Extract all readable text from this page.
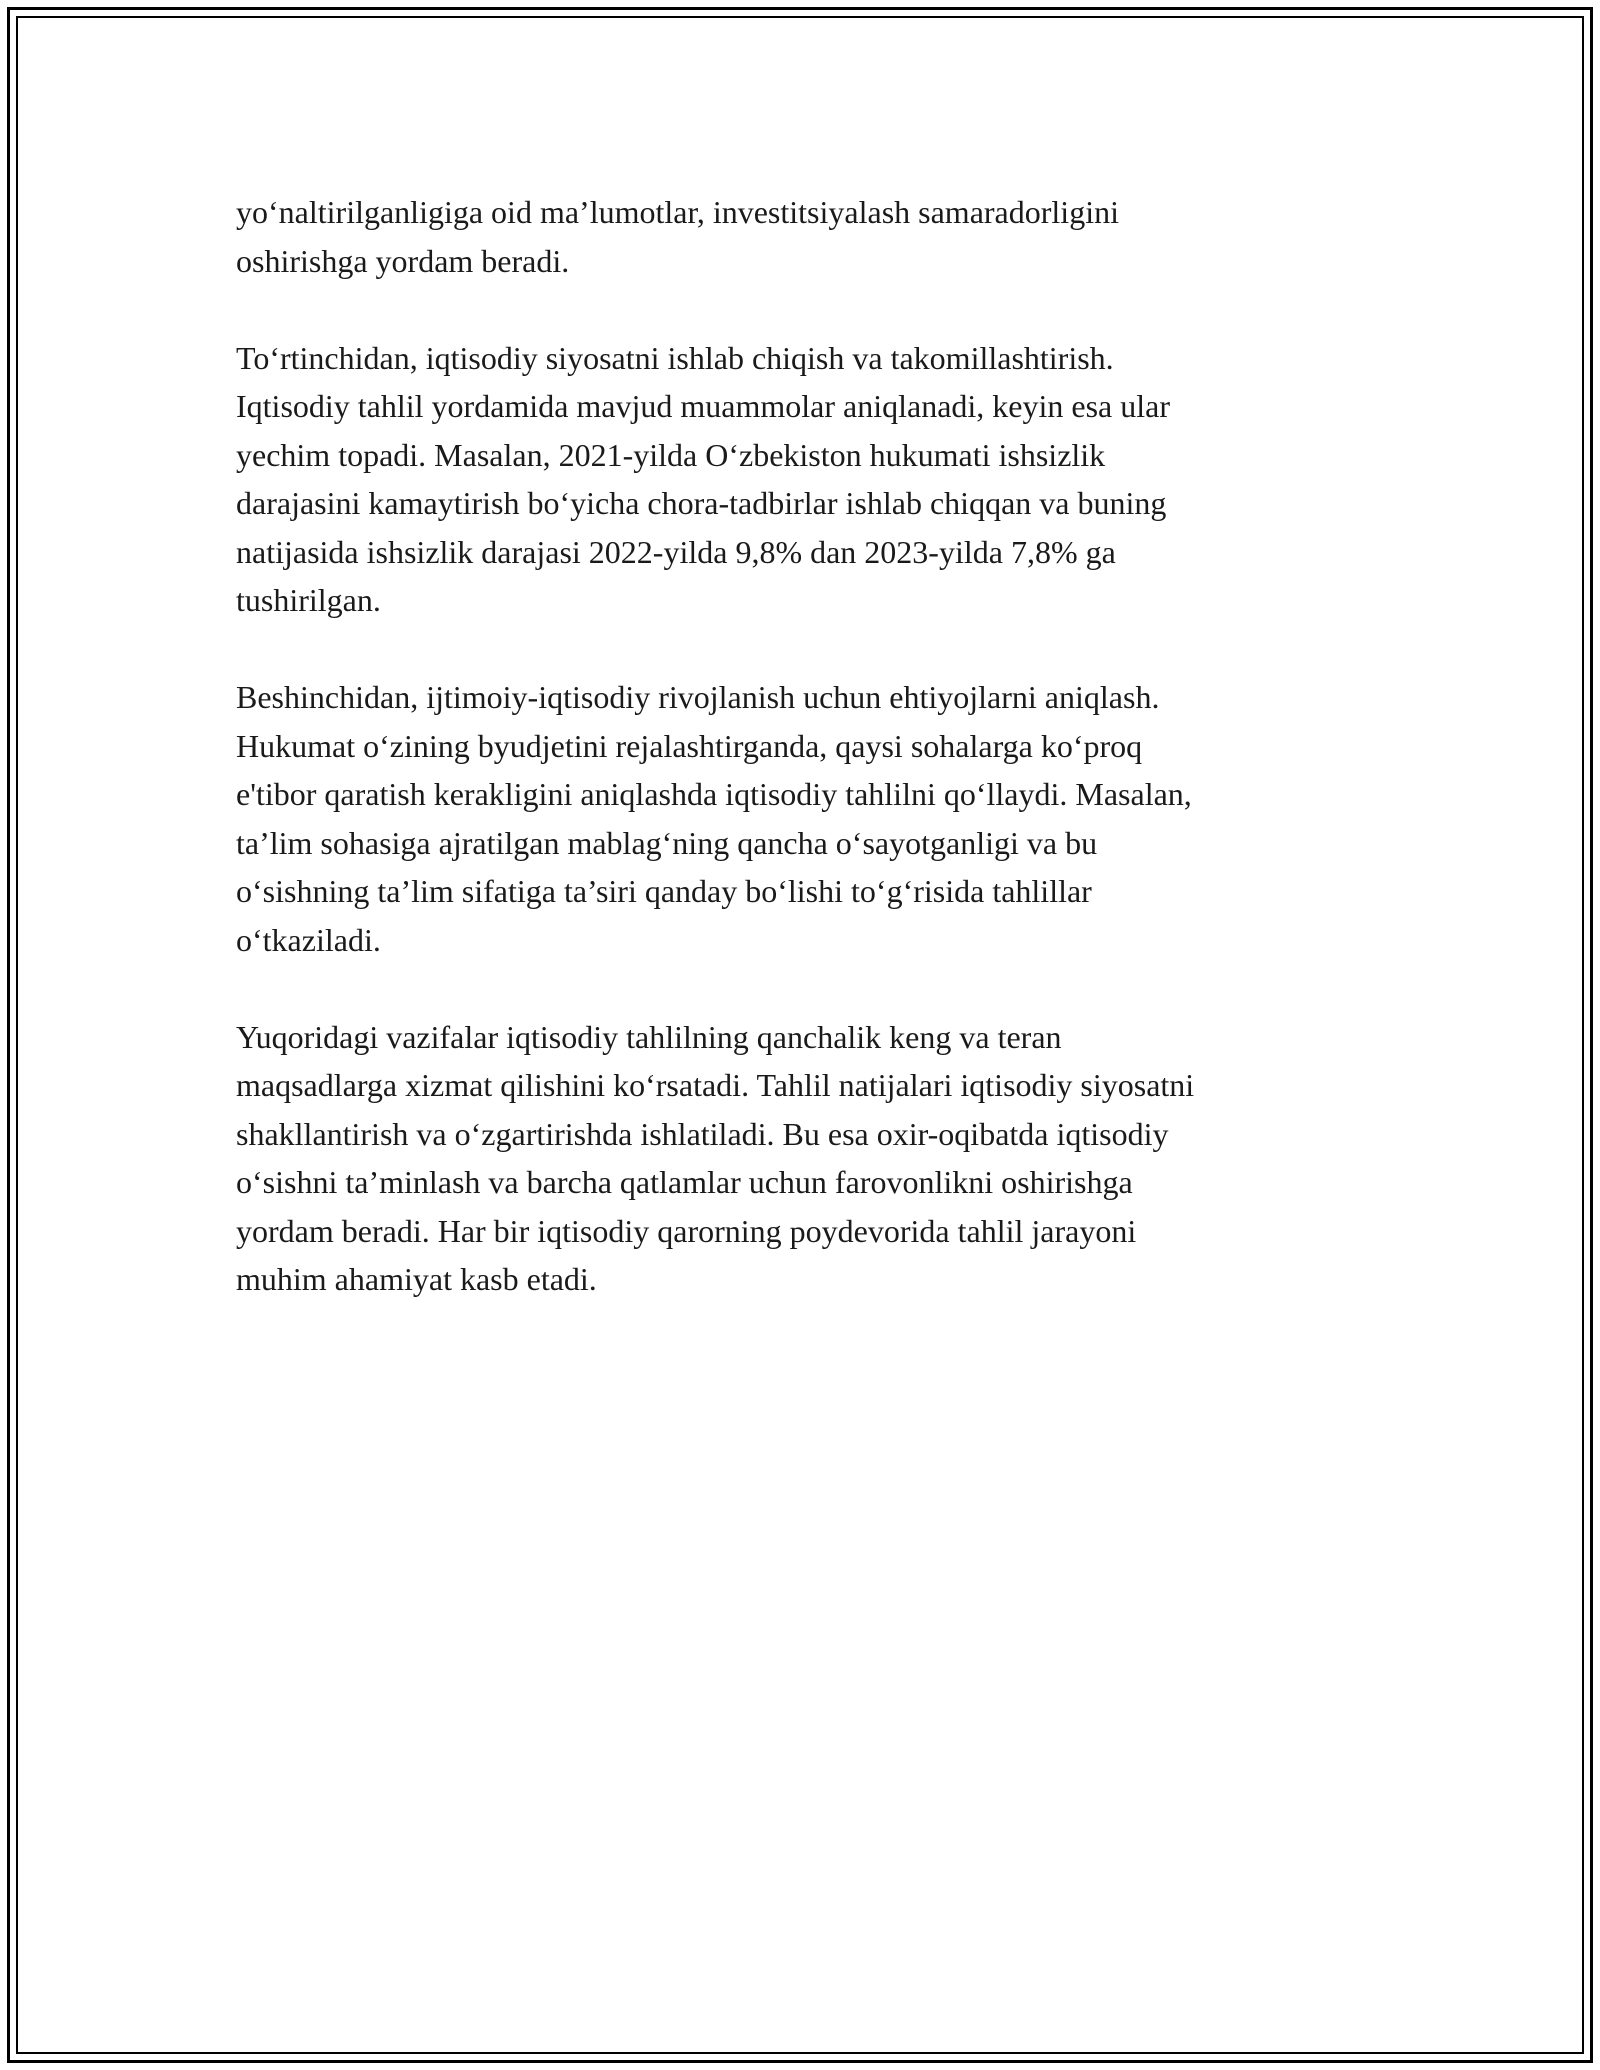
yo‘naltirilganligiga oid ma’lumotlar, investitsiyalash samaradorligini
oshirishga yordam beradi.

To‘rtinchidan, iqtisodiy siyosatni ishlab chiqish va takomillashtirish.
Iqtisodiy tahlil yordamida mavjud muammolar aniqlanadi, keyin esa ular
yechim topadi. Masalan, 2021-yilda O‘zbekiston hukumati ishsizlik
darajasini kamaytirish bo‘yicha chora-tadbirlar ishlab chiqqan va buning
natijasida ishsizlik darajasi 2022-yilda 9,8% dan 2023-yilda 7,8% ga
tushirilgan.

Beshinchidan, ijtimoiy-iqtisodiy rivojlanish uchun ehtiyojlarni aniqlash.
Hukumat o‘zining byudjetini rejalashtirganda, qaysi sohalarga ko‘proq
e'tibor qaratish kerakligini aniqlashda iqtisodiy tahlilni qo‘llaydi. Masalan,
ta’lim sohasiga ajratilgan mablag‘ning qancha o‘sayotganligi va bu
o‘sishning ta’lim sifatiga ta’siri qanday bo‘lishi to‘g‘risida tahlillar
o‘tkaziladi.

Yuqoridagi vazifalar iqtisodiy tahlilning qanchalik keng va teran
maqsadlarga xizmat qilishini ko‘rsatadi. Tahlil natijalari iqtisodiy siyosatni
shakllantirish va o‘zgartirishda ishlatiladi. Bu esa oxir-oqibatda iqtisodiy
o‘sishni ta’minlash va barcha qatlamlar uchun farovonlikni oshirishga
yordam beradi. Har bir iqtisodiy qarorning poydevorida tahlil jarayoni
muhim ahamiyat kasb etadi.
